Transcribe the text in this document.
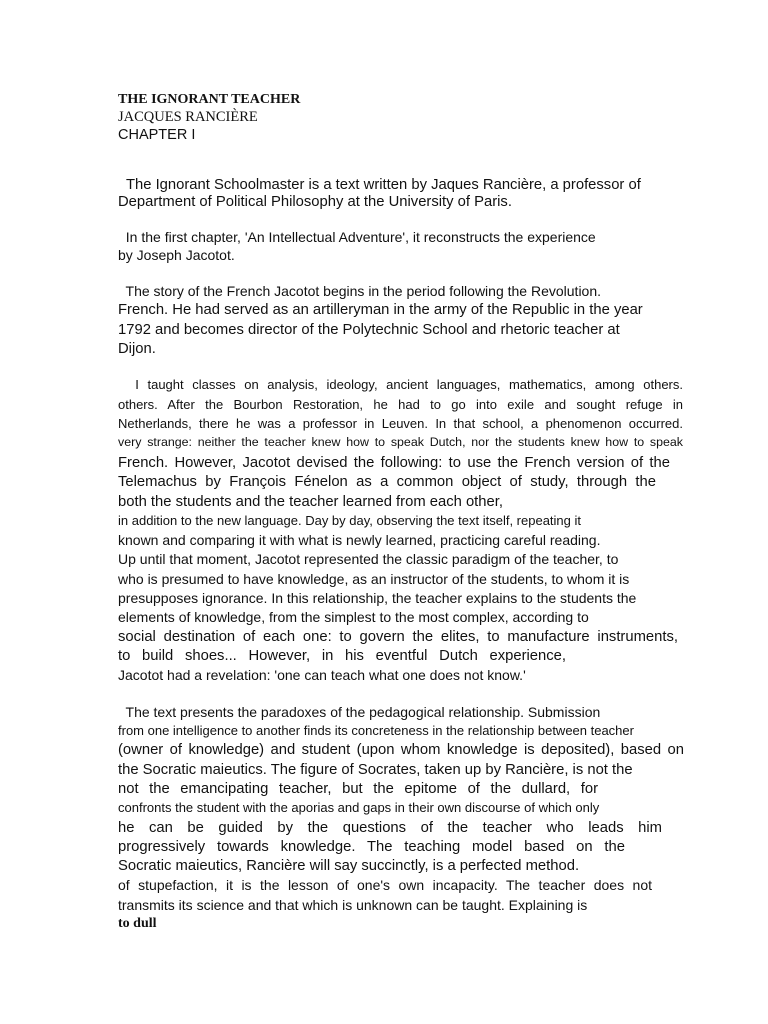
THE IGNORANT TEACHER
JACQUES RANCIÈRE
CHAPTER I
The Ignorant Schoolmaster is a text written by Jaques Rancière, a professor of
Department of Political Philosophy at the University of Paris.
In the first chapter, 'An Intellectual Adventure', it reconstructs the experience
by Joseph Jacotot.
The story of the French Jacotot begins in the period following the Revolution.
French. He had served as an artilleryman in the army of the Republic in the year
1792 and becomes director of the Polytechnic School and rhetoric teacher at
Dijon.
I taught classes on analysis, ideology, ancient languages, mathematics, among others.
others. After the Bourbon Restoration, he had to go into exile and sought refuge in
Netherlands, there he was a professor in Leuven. In that school, a phenomenon occurred.
very strange: neither the teacher knew how to speak Dutch, nor the students knew how to speak
French. However, Jacotot devised the following: to use the French version of the
Telemachus by François Fénelon as a common object of study, through the
both the students and the teacher learned from each other,
in addition to the new language. Day by day, observing the text itself, repeating it
known and comparing it with what is newly learned, practicing careful reading.
Up until that moment, Jacotot represented the classic paradigm of the teacher, to
who is presumed to have knowledge, as an instructor of the students, to whom it is
presupposes ignorance. In this relationship, the teacher explains to the students the
elements of knowledge, from the simplest to the most complex, according to
social destination of each one: to govern the elites, to manufacture instruments,
to build shoes... However, in his eventful Dutch experience,
Jacotot had a revelation: 'one can teach what one does not know.'
The text presents the paradoxes of the pedagogical relationship. Submission
from one intelligence to another finds its concreteness in the relationship between teacher
(owner of knowledge) and student (upon whom knowledge is deposited), based on
the Socratic maieutics. The figure of Socrates, taken up by Rancière, is not the
not the emancipating teacher, but the epitome of the dullard, for
confronts the student with the aporias and gaps in their own discourse of which only
he can be guided by the questions of the teacher who leads him
progressively towards knowledge. The teaching model based on the
Socratic maieutics, Rancière will say succinctly, is a perfected method.
of stupefaction, it is the lesson of one's own incapacity. The teacher does not
transmits its science and that which is unknown can be taught. Explaining is
to dull
